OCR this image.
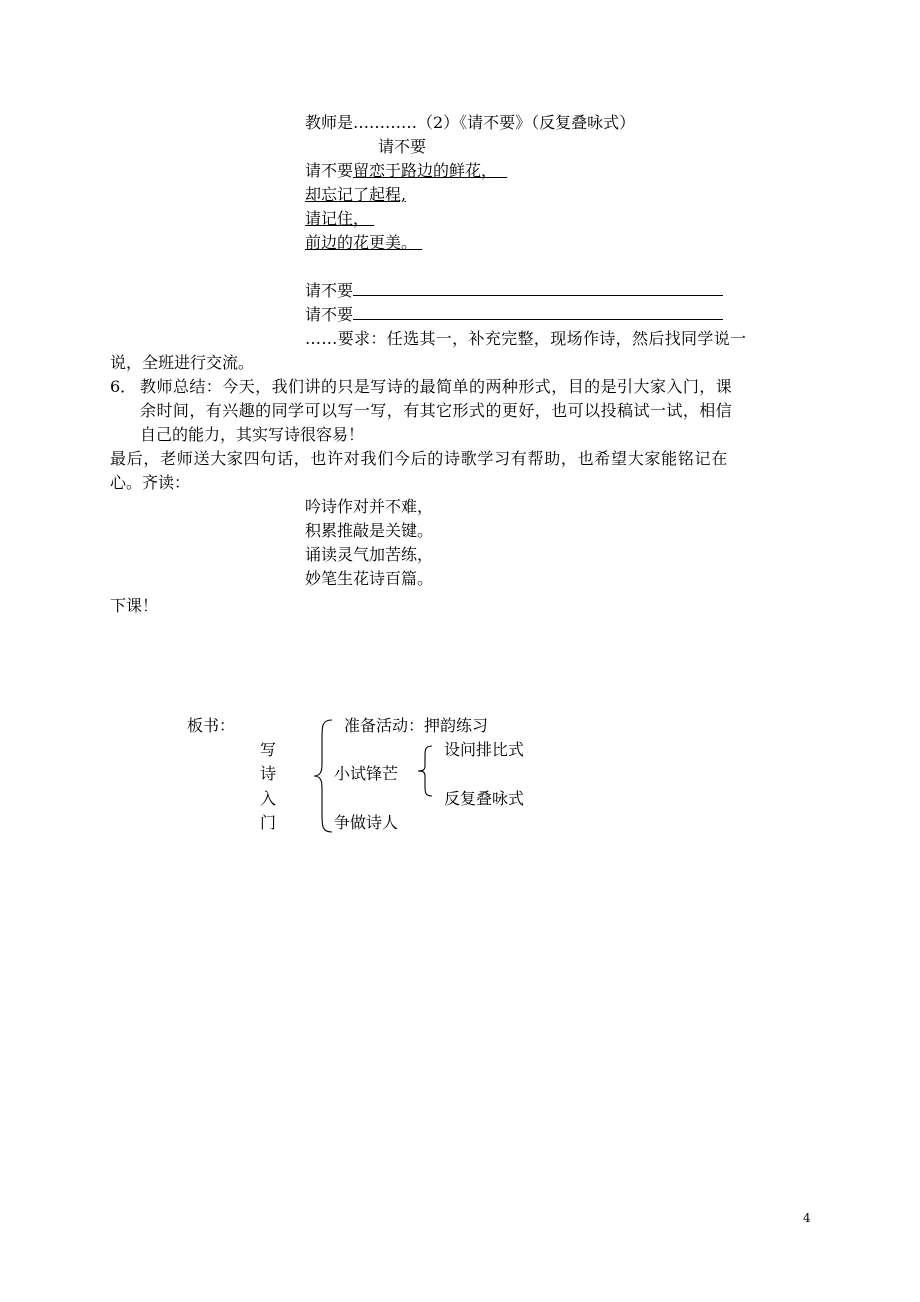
教师是…………（2）《请不要》（反复叠咏式）
请不要
请不要留恋于路边的鲜花，
却忘记了起程,
请记住，
前边的花更美。
请不要
请不要
……要求：任选其一，补充完整，现场作诗，然后找同学说一
说，全班进行交流。
6． 教师总结：今天，我们讲的只是写诗的最简单的两种形式，目的是引大家入门，课
余时间，有兴趣的同学可以写一写，有其它形式的更好，也可以投稿试一试，相信
自己的能力，其实写诗很容易！
最后，老师送大家四句话，也许对我们今后的诗歌学习有帮助，也希望大家能铭记在
心。齐读：
吟诗作对并不难，
积累推敲是关键。
诵读灵气加苦练，
妙笔生花诗百篇。
下课！
板书：
写
诗
入
门
准备活动：押韵练习
小试锋芒
争做诗人
设问排比式
反复叠咏式
4
